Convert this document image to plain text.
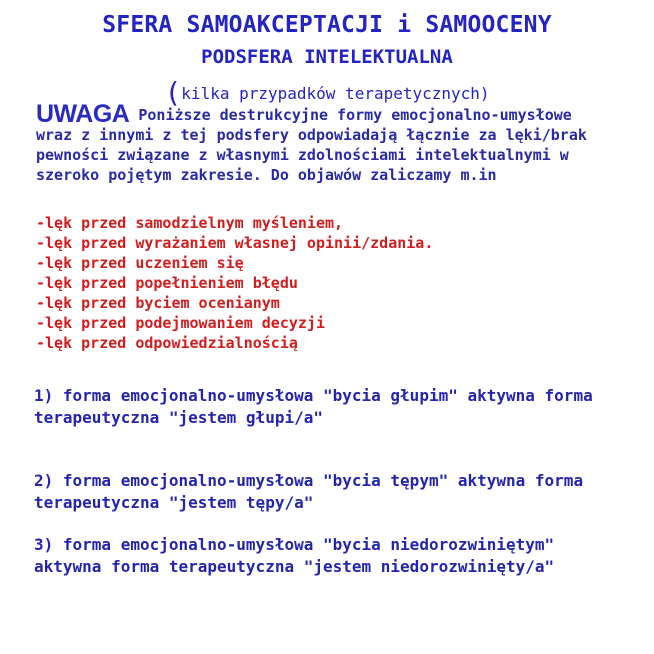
SFERA SAMOAKCEPTACJI i SAMOOCENY
PODSFERA INTELEKTUALNA
(kilka przypadków terapetycznych)
UWAGA Poniższe destrukcyjne formy emocjonalno-umysłowe
wraz z innymi z tej podsfery odpowiadają łącznie za lęki/brak
pewności związane z własnymi zdolnościami intelektualnymi w
szeroko pojętym zakresie. Do objawów zaliczamy m.in
-lęk przed samodzielnym myśleniem,
-lęk przed wyrażaniem własnej opinii/zdania.
-lęk przed uczeniem się
-lęk przed popełnieniem błędu
-lęk przed byciem ocenianym
-lęk przed podejmowaniem decyzji
-lęk przed odpowiedzialnością
1) forma emocjonalno-umysłowa "bycia głupim" aktywna forma
terapeutyczna "jestem głupi/a"
2) forma emocjonalno-umysłowa "bycia tępym" aktywna forma
terapeutyczna "jestem tępy/a"
3) forma emocjonalno-umysłowa "bycia niedorozwiniętym"
aktywna forma terapeutyczna "jestem niedorozwinięty/a"
